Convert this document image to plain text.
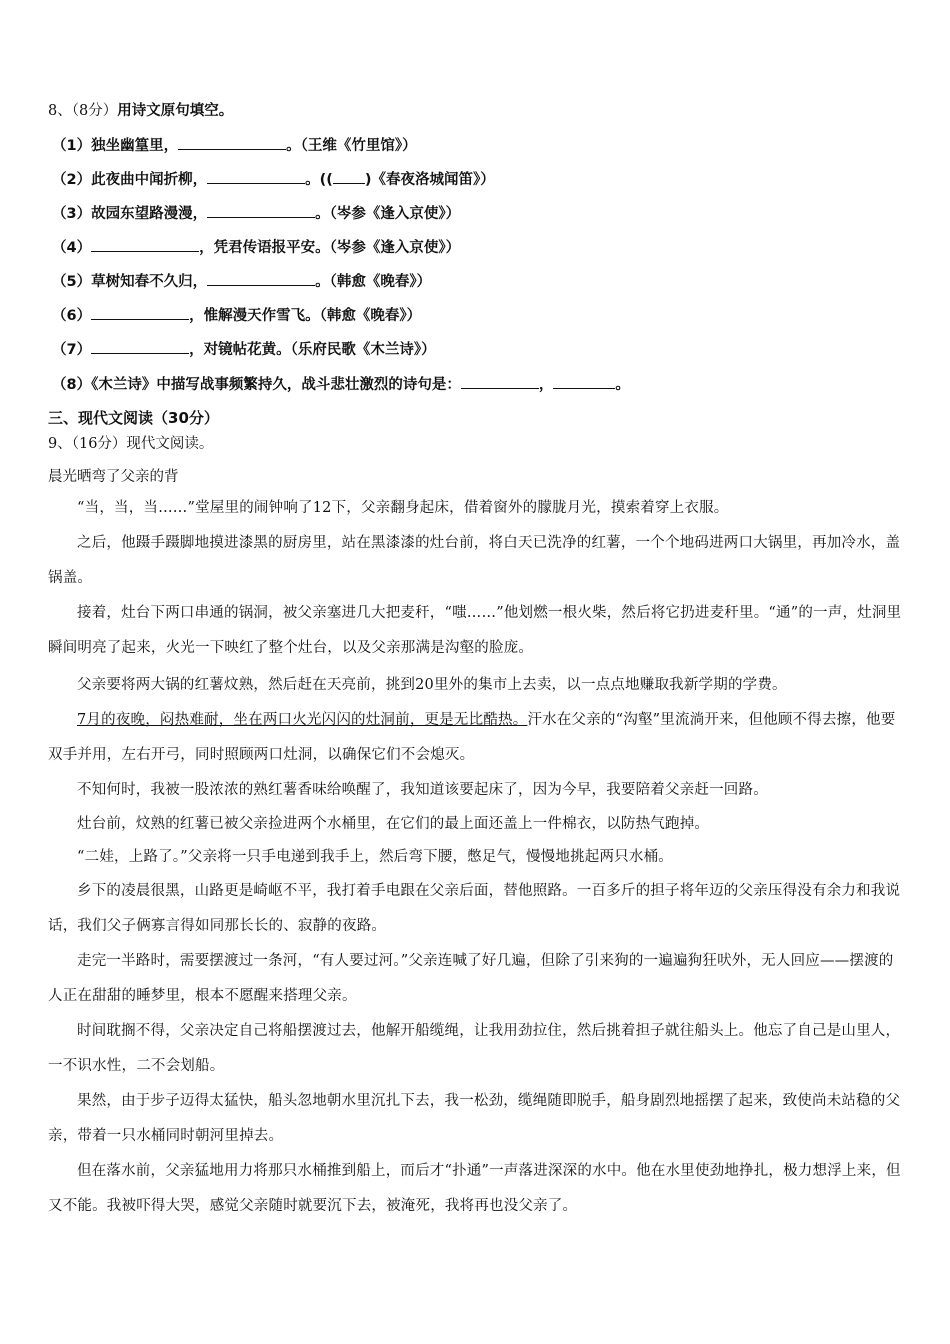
8、（8分）用诗文原句填空。
（1）独坐幽篁里，	。（王维《竹里馆》）
（2）此夜曲中闻折柳，	。(( )《春夜洛城闻笛》）
（3）故园东望路漫漫，	。（岑参《逢入京使》）
（4）	，凭君传语报平安。（岑参《逢入京使》）
（5）草树知春不久归，	。（韩愈《晚春》）
（6）	，惟解漫天作雪飞。（韩愈《晚春》）
（7）	，对镜帖花黄。（乐府民歌《木兰诗》）
（8）《木兰诗》中描写战事频繁持久，战斗悲壮激烈的诗句是：	，	。
三、现代文阅读（30分）
9、（16分）现代文阅读。
晨光晒弯了父亲的背
“当，当，当……”堂屋里的闹钟响了12下，父亲翻身起床，借着窗外的朦胧月光，摸索着穿上衣服。
之后，他蹑手蹑脚地摸进漆黑的厨房里，站在黑漆漆的灶台前，将白天已洗净的红薯，一个个地码进两口大锅里，再加冷水，盖锅盖。
接着，灶台下两口串通的锅洞，被父亲塞进几大把麦秆，“嗤……”他划燃一根火柴，然后将它扔进麦秆里。“通”的一声，灶洞里瞬间明亮了起来，火光一下映红了整个灶台，以及父亲那满是沟壑的脸庞。
父亲要将两大锅的红薯炆熟，然后赶在天亮前，挑到20里外的集市上去卖，以一点点地赚取我新学期的学费。
7月的夜晚，闷热难耐，坐在两口火光闪闪的灶洞前，更是无比酷热。汗水在父亲的“沟壑”里流淌开来，但他顾不得去擦，他要双手并用，左右开弓，同时照顾两口灶洞，以确保它们不会熄灭。
不知何时，我被一股浓浓的熟红薯香味给唤醒了，我知道该要起床了，因为今早，我要陪着父亲赶一回路。
灶台前，炆熟的红薯已被父亲捡进两个水桶里，在它们的最上面还盖上一件棉衣，以防热气跑掉。
“二娃，上路了。”父亲将一只手电递到我手上，然后弯下腰，憋足气，慢慢地挑起两只水桶。
乡下的凌晨很黑，山路更是崎岖不平，我打着手电跟在父亲后面，替他照路。一百多斤的担子将年迈的父亲压得没有余力和我说话，我们父子俩寡言得如同那长长的、寂静的夜路。
走完一半路时，需要摆渡过一条河，“有人要过河。”父亲连喊了好几遍，但除了引来狗的一遍遍狗狂吠外，无人回应——摆渡的人正在甜甜的睡梦里，根本不愿醒来搭理父亲。
时间耽搁不得，父亲决定自己将船摆渡过去，他解开船缆绳，让我用劲拉住，然后挑着担子就往船头上。他忘了自己是山里人，一不识水性，二不会划船。
果然，由于步子迈得太猛快，船头忽地朝水里沉扎下去，我一松劲，缆绳随即脱手，船身剧烈地摇摆了起来，致使尚未站稳的父亲，带着一只水桶同时朝河里掉去。
但在落水前，父亲猛地用力将那只水桶推到船上，而后才“扑通”一声落进深深的水中。他在水里使劲地挣扎，极力想浮上来，但又不能。我被吓得大哭，感觉父亲随时就要沉下去，被淹死，我将再也没父亲了。
